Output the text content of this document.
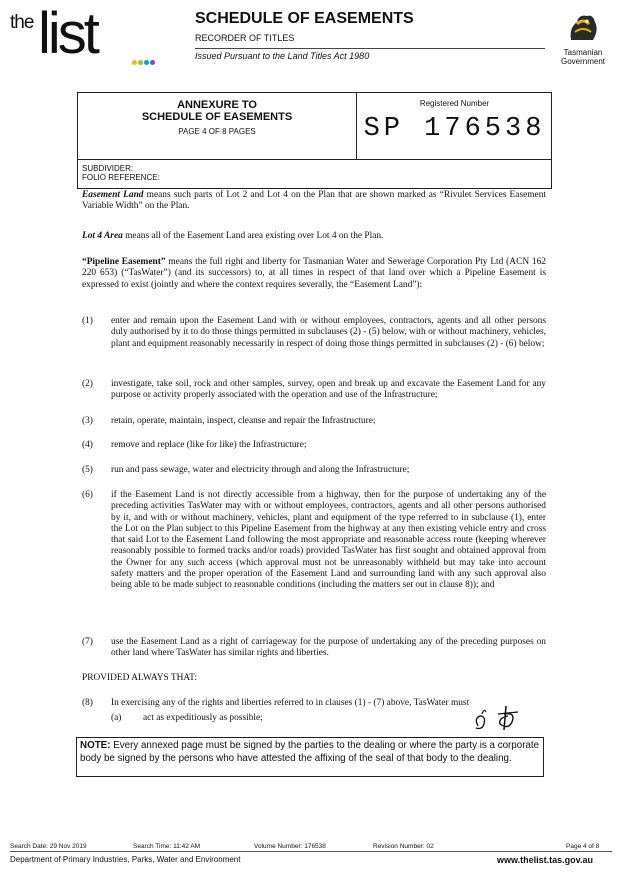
the list	SCHEDULE OF EASEMENTS
RECORDER OF TITLES
Issued Pursuant to the Land Titles Act 1980	Tasmanian
Government
ANNEXURE TO
SCHEDULE OF EASEMENTS
PAGE 4 OF 8 PAGES
Registered Number
SP 176538
SUBDIVIDER:
FOLIO REFERENCE:
Easement Land means such parts of Lot 2 and Lot 4 on the Plan that are shown marked as “Rivulet Services Easement Variable Width” on the Plan.
Lot 4 Area means all of the Easement Land area existing over Lot 4 on the Plan.
“Pipeline Easement” means the full right and liberty for Tasmanian Water and Sewerage Corporation Pty Ltd (ACN 162 220 653) (“TasWater”) (and its successors) to, at all times in respect of that land over which a Pipeline Easement is expressed to exist (jointly and where the context requires severally, the “Easement Land”):
(1) enter and remain upon the Easement Land with or without employees, contractors, agents and all other persons duly authorised by it to do those things permitted in subclauses (2) - (5) below, with or without machinery, vehicles, plant and equipment reasonably necessarily in respect of doing those things permitted in subclauses (2) - (6) below;
(2) investigate, take soil, rock and other samples, survey, open and break up and excavate the Easement Land for any purpose or activity properly associated with the operation and use of the Infrastructure;
(3) retain, operate, maintain, inspect, cleanse and repair the Infrastructure;
(4) remove and replace (like for like) the Infrastructure;
(5) run and pass sewage, water and electricity through and along the Infrastructure;
(6) if the Easement Land is not directly accessible from a highway, then for the purpose of undertaking any of the preceding activities TasWater may with or without employees, contractors, agents and all other persons authorised by it, and with or without machinery, vehicles, plant and equipment of the type referred to in subclause (1), enter the Lot on the Plan subject to this Pipeline Easement from the highway at any then existing vehicle entry and cross that said Lot to the Easement Land following the most appropriate and reasonable access route (keeping wherever reasonably possible to formed tracks and/or roads) provided TasWater has first sought and obtained approval from the Owner for any such access (which approval must not be unreasonably withheld but may take into account safety matters and the proper operation of the Easement Land and surrounding land with any such approval also being able to be made subject to reasonable conditions (including the matters set out in clause 8)); and
(7) use the Easement Land as a right of carriageway for the purpose of undertaking any of the preceding purposes on other land where TasWater has similar rights and liberties.
PROVIDED ALWAYS THAT:
(8) In exercising any of the rights and liberties referred to in clauses (1) - (7) above, TasWater must
(a) act as expeditiously as possible;
NOTE: Every annexed page must be signed by the parties to the dealing or where the party is a corporate body be signed by the persons who have attested the affixing of the seal of that body to the dealing.
Search Date: 29 Nov 2019	Search Time: 11:42 AM	Volume Number: 176538	Revision Number: 02	Page 4 of 8
Department of Primary Industries, Parks, Water and Environment	www.thelist.tas.gov.au
